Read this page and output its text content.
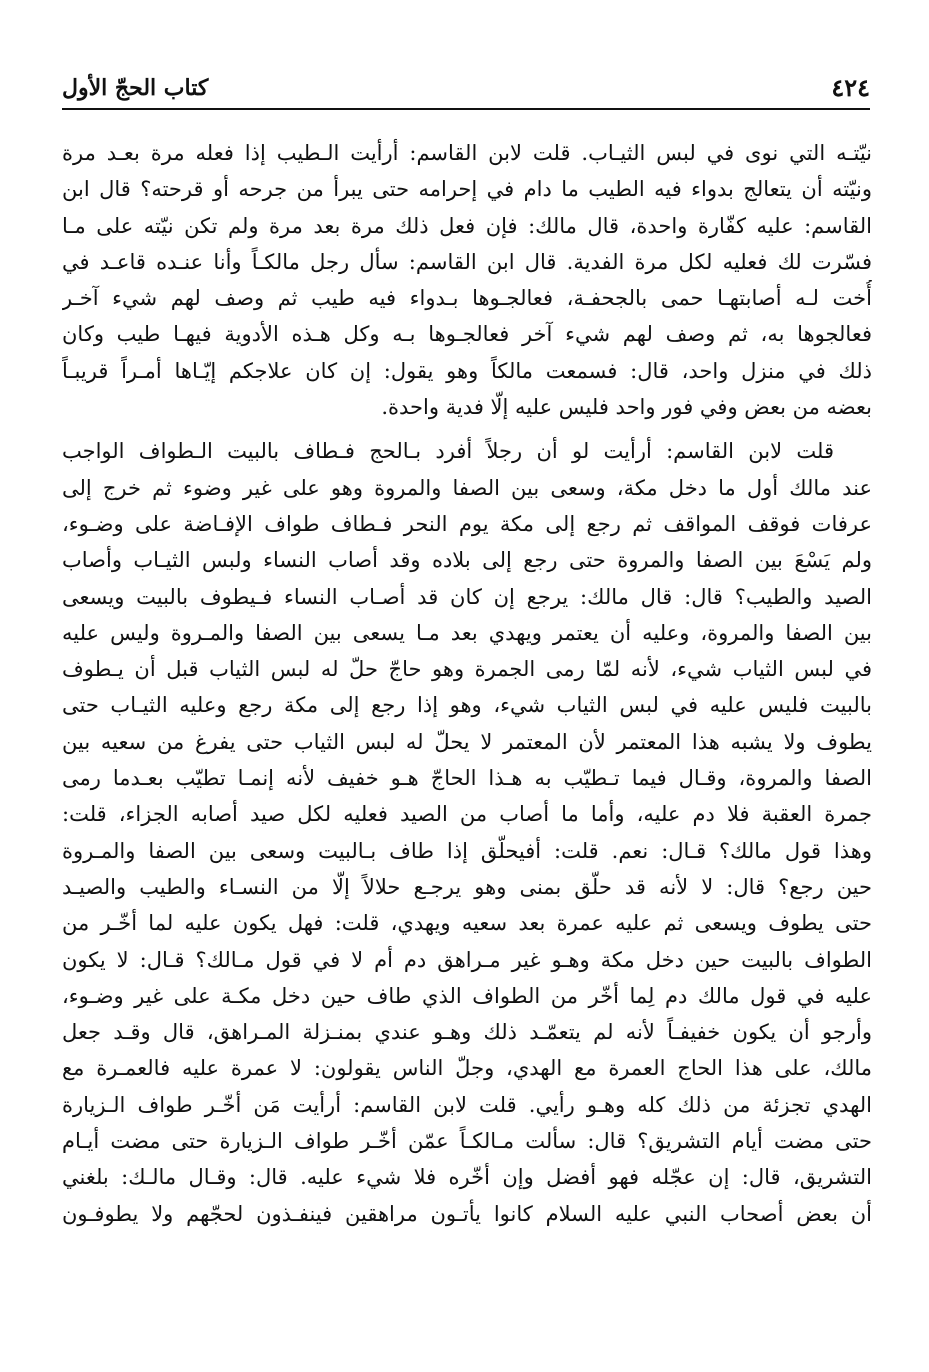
٤٢٤
كتاب الحجّ الأول
نيّتـه التي نوى في لبس الثيـاب. قلت لابن القاسم: أرأيت الـطيب إذا فعله مرة بعـد مرة
ونيّته أن يتعالج بدواء فيه الطيب ما دام في إحرامه حتى يبرأ من جرحه أو قرحته؟ قال ابن
القاسم: عليه كفّارة واحدة، قال مالك: فإن فعل ذلك مرة بعد مرة ولم تكن نيّته على مـا
فسّرت لك فعليه لكل مرة الفدية. قال ابن القاسم: سأل رجل مالكـاً وأنا عنـده قاعـد في
أُخت لـه أصابتهـا حمى بالجحفـة، فعالجـوها بـدواء فيه طيب ثم وصف لهم شيء آخـر
فعالجوها به، ثم وصف لهم شيء آخر فعالجـوها بـه وكل هـذه الأدوية فيهـا طيب وكان
ذلك في منزل واحد، قال: فسمعت مالكاً وهو يقول: إن كان علاجكم إيّـاها أمـراً قريبـاً
بعضه من بعض وفي فور واحد فليس عليه إلّا فدية واحدة.
قلت لابن القاسم: أرأيت لو أن رجلاً أفرد بـالحج فـطاف بالبيت الـطواف الواجب
عند مالك أول ما دخل مكة، وسعى بين الصفا والمروة وهو على غير وضوء ثم خرج إلى
عرفات فوقف المواقف ثم رجع إلى مكة يوم النحر فـطاف طواف الإفـاضة على وضـوء،
ولم يَسْعَ بين الصفا والمروة حتى رجع إلى بلاده وقد أصاب النساء ولبس الثيـاب وأصاب
الصيد والطيب؟ قال: قال مالك: يرجع إن كان قد أصـاب النساء فـيطوف بالبيت ويسعى
بين الصفا والمروة، وعليه أن يعتمر ويهدي بعد مـا يسعى بين الصفا والمـروة وليس عليه
في لبس الثياب شيء، لأنه لمّا رمى الجمرة وهو حاجّ حلّ له لبس الثياب قبل أن يـطوف
بالبيت فليس عليه في لبس الثياب شيء، وهو إذا رجع إلى مكة رجع وعليه الثيـاب حتى
يطوف ولا يشبه هذا المعتمر لأن المعتمر لا يحلّ له لبس الثياب حتى يفرغ من سعيه بين
الصفا والمروة، وقـال فيما تـطيّب به هـذا الحاجّ هـو خفيف لأنه إنمـا تطيّب بعـدما رمى
جمرة العقبة فلا دم عليه، وأما ما أصاب من الصيد فعليه لكل صيد أصابه الجزاء، قلت:
وهذا قول مالك؟ قـال: نعم. قلت: أفيحلّق إذا طاف بـالبيت وسعى بين الصفا والمـروة
حين رجع؟ قال: لا لأنه قد حلّق بمنى وهو يرجـع حلالاً إلّا من النسـاء والطيب والصيـد
حتى يطوف ويسعى ثم عليه عمرة بعد سعيه ويهدي، قلت: فهل يكون عليه لما أخّـر من
الطواف بالبيت حين دخل مكة وهـو غير مـراهق دم أم لا في قول مـالك؟ قـال: لا يكون
عليه في قول مالك دم لِما أخّر من الطواف الذي طاف حين دخل مكـة على غير وضـوء،
وأرجو أن يكون خفيفـاً لأنه لم يتعمّـد ذلك وهـو عندي بمنـزلة المـراهق، قال وقـد جعل
مالك، على هذا الحاج العمرة مع الهدي، وجلّ الناس يقولون: لا عمرة عليه فالعمـرة مع
الهدي تجزئة من ذلك كله وهـو رأيي. قلت لابن القاسم: أرأيت مَن أخّـر طواف الـزيارة
حتى مضت أيام التشريق؟ قال: سألت مـالكـاً عمّن أخّـر طواف الـزيارة حتى مضت أيـام
التشريق، قال: إن عجّله فهو أفضل وإن أخّره فلا شيء عليه. قال: وقـال مالـك: بلغني
أن بعض أصحاب النبي عليه السلام كانوا يأتـون مراهقين فينفـذون لحجّهم ولا يطوفـون
